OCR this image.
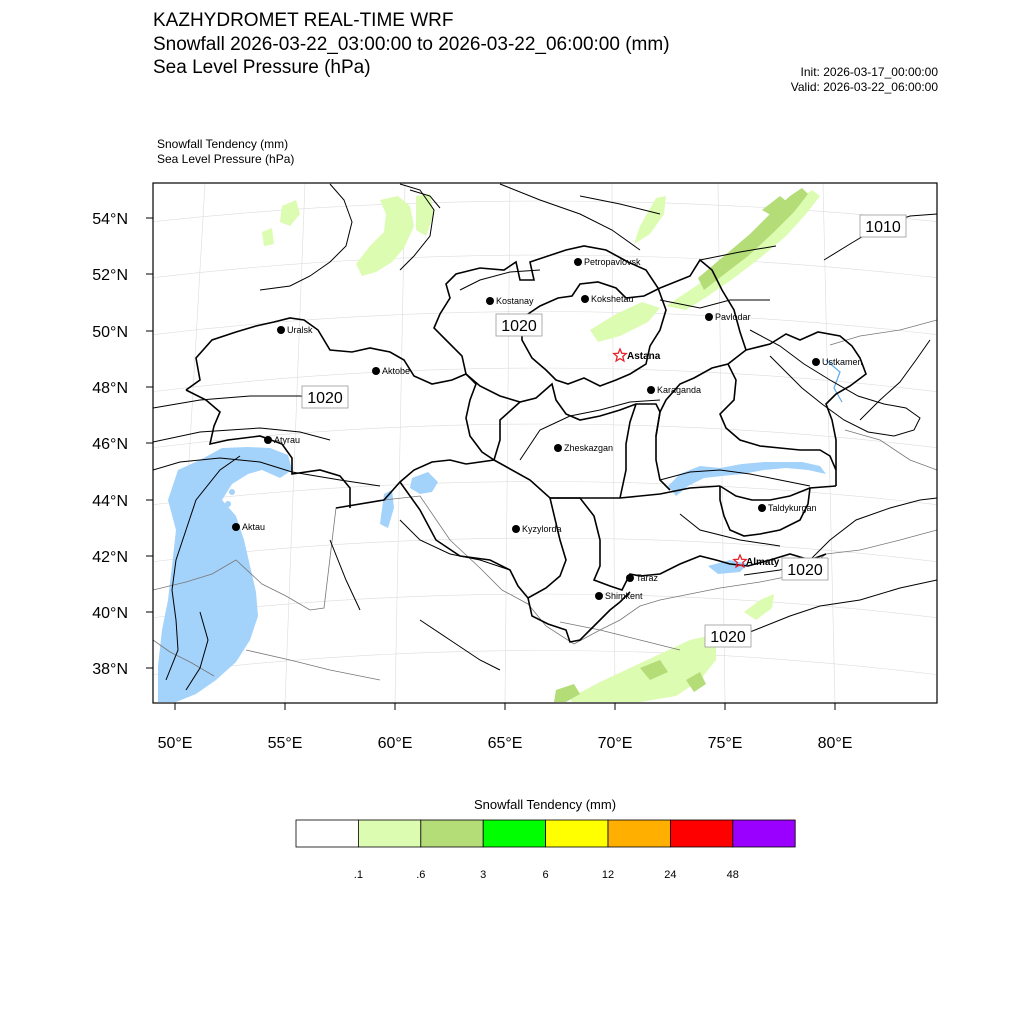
KAZHYDROMET REAL-TIME WRF
Snowfall 2026-03-22_03:00:00 to 2026-03-22_06:00:00 (mm)
Sea Level Pressure (hPa)	Init: 2026-03-17_00:00:00
Valid: 2026-03-22_06:00:00
Snowfall Tendency (mm)
Sea Level Pressure (hPa)
54°N
52°N
50°N
48°N
46°N
44°N
42°N
40°N
38°N
50°E	55°E	60°E	65°E	70°E	75°E	80°E
1010
1020
1020
1020
1020
Petropavlovsk
Kostanay	Kokshetau
Pavlodar
Uralsk
Aktobe
Ustkamen
Karaganda
Atyrau
Zheskazgan
Aktau	Kyzylorda
Taldykurgan
Taraz
Shimkent
Astana
Almaty
Snowfall Tendency (mm)
.1	.6	3	6	12	24	48
